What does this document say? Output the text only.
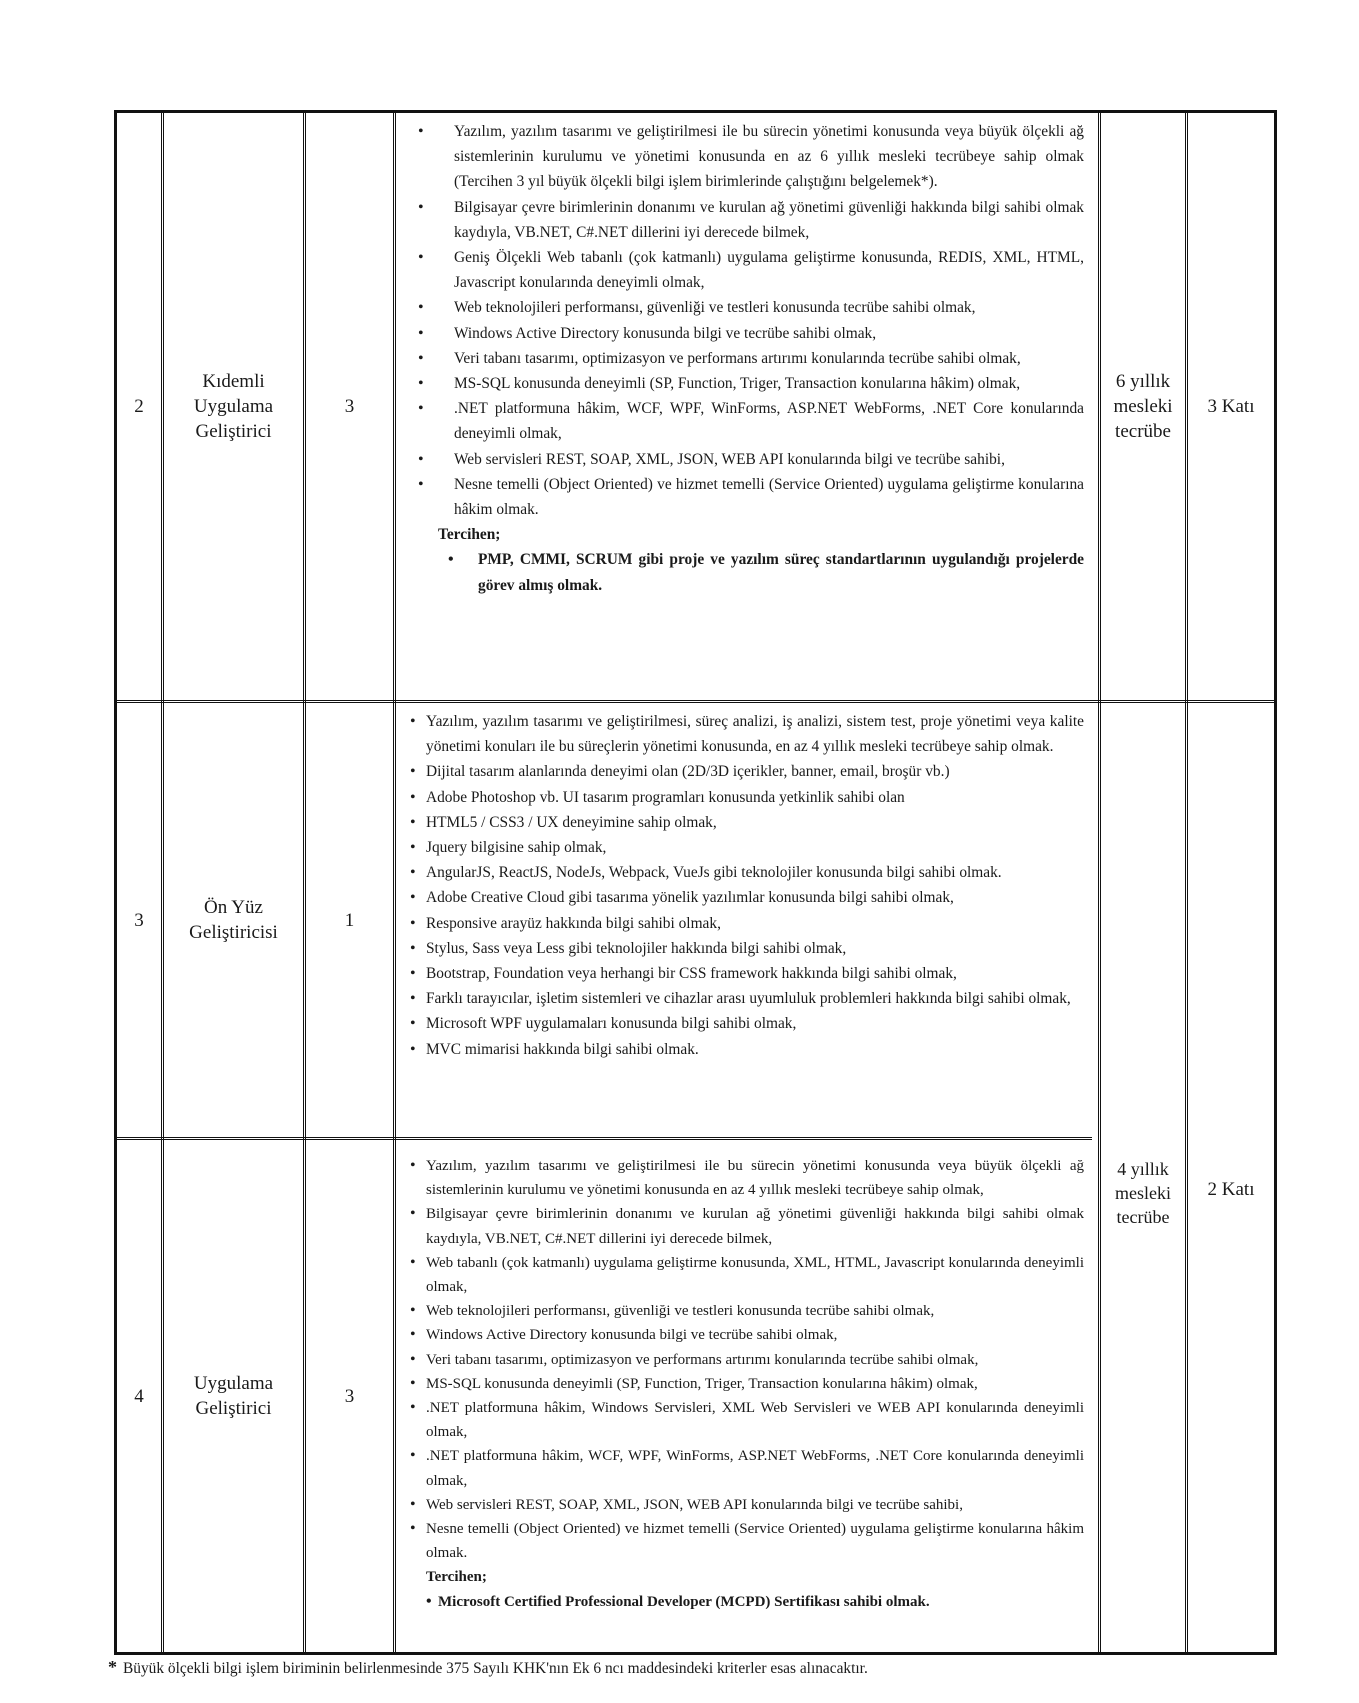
2
Kıdemli Uygulama Geliştirici
3
• Yazılım, yazılım tasarımı ve geliştirilmesi ile bu sürecin yönetimi konusunda veya büyük ölçekli ağ sistemlerinin kurulumu ve yönetimi konusunda en az 6 yıllık mesleki tecrübeye sahip olmak (Tercihen 3 yıl büyük ölçekli bilgi işlem birimlerinde çalıştığını belgelemek*).
• Bilgisayar çevre birimlerinin donanımı ve kurulan ağ yönetimi güvenliği hakkında bilgi sahibi olmak kaydıyla, VB.NET, C#.NET dillerini iyi derecede bilmek,
• Geniş Ölçekli Web tabanlı (çok katmanlı) uygulama geliştirme konusunda, REDIS, XML, HTML, Javascript konularında deneyimli olmak,
• Web teknolojileri performansı, güvenliği ve testleri konusunda tecrübe sahibi olmak,
• Windows Active Directory konusunda bilgi ve tecrübe sahibi olmak,
• Veri tabanı tasarımı, optimizasyon ve performans artırımı konularında tecrübe sahibi olmak,
• MS-SQL konusunda deneyimli (SP, Function, Triger, Transaction konularına hâkim) olmak,
• .NET platformuna hâkim, WCF, WPF, WinForms, ASP.NET WebForms, .NET Core konularında deneyimli olmak,
• Web servisleri REST, SOAP, XML, JSON, WEB API konularında bilgi ve tecrübe sahibi,
• Nesne temelli (Object Oriented) ve hizmet temelli (Service Oriented) uygulama geliştirme konularına hâkim olmak.
Tercihen;
• PMP, CMMI, SCRUM gibi proje ve yazılım süreç standartlarının uygulandığı projelerde görev almış olmak.
6 yıllık mesleki tecrübe
3 Katı
3
Ön Yüz Geliştiricisi
1
• Yazılım, yazılım tasarımı ve geliştirilmesi, süreç analizi, iş analizi, sistem test, proje yönetimi veya kalite yönetimi konuları ile bu süreçlerin yönetimi konusunda, en az 4 yıllık mesleki tecrübeye sahip olmak.
• Dijital tasarım alanlarında deneyimi olan (2D/3D içerikler, banner, email, broşür vb.)
• Adobe Photoshop vb. UI tasarım programları konusunda yetkinlik sahibi olan
• HTML5 / CSS3 / UX deneyimine sahip olmak,
• Jquery bilgisine sahip olmak,
• AngularJS, ReactJS, NodeJs, Webpack, VueJs gibi teknolojiler konusunda bilgi sahibi olmak.
• Adobe Creative Cloud gibi tasarıma yönelik yazılımlar konusunda bilgi sahibi olmak,
• Responsive arayüz hakkında bilgi sahibi olmak,
• Stylus, Sass veya Less gibi teknolojiler hakkında bilgi sahibi olmak,
• Bootstrap, Foundation veya herhangi bir CSS framework hakkında bilgi sahibi olmak,
• Farklı tarayıcılar, işletim sistemleri ve cihazlar arası uyumluluk problemleri hakkında bilgi sahibi olmak,
• Microsoft WPF uygulamaları konusunda bilgi sahibi olmak,
• MVC mimarisi hakkında bilgi sahibi olmak.
4
Uygulama Geliştirici
3
• Yazılım, yazılım tasarımı ve geliştirilmesi ile bu sürecin yönetimi konusunda veya büyük ölçekli ağ sistemlerinin kurulumu ve yönetimi konusunda en az 4 yıllık mesleki tecrübeye sahip olmak,
• Bilgisayar çevre birimlerinin donanımı ve kurulan ağ yönetimi güvenliği hakkında bilgi sahibi olmak kaydıyla, VB.NET, C#.NET dillerini iyi derecede bilmek,
• Web tabanlı (çok katmanlı) uygulama geliştirme konusunda, XML, HTML, Javascript konularında deneyimli olmak,
• Web teknolojileri performansı, güvenliği ve testleri konusunda tecrübe sahibi olmak,
• Windows Active Directory konusunda bilgi ve tecrübe sahibi olmak,
• Veri tabanı tasarımı, optimizasyon ve performans artırımı konularında tecrübe sahibi olmak,
• MS-SQL konusunda deneyimli (SP, Function, Triger, Transaction konularına hâkim) olmak,
• .NET platformuna hâkim, Windows Servisleri, XML Web Servisleri ve WEB API konularında deneyimli olmak,
• .NET platformuna hâkim, WCF, WPF, WinForms, ASP.NET WebForms, .NET Core konularında deneyimli olmak,
• Web servisleri REST, SOAP, XML, JSON, WEB API konularında bilgi ve tecrübe sahibi,
• Nesne temelli (Object Oriented) ve hizmet temelli (Service Oriented) uygulama geliştirme konularına hâkim olmak.
Tercihen;
• Microsoft Certified Professional Developer (MCPD) Sertifikası sahibi olmak.
4 yıllık mesleki tecrübe
2 Katı
* Büyük ölçekli bilgi işlem biriminin belirlenmesinde 375 Sayılı KHK'nın Ek 6 ncı maddesindeki kriterler esas alınacaktır.
